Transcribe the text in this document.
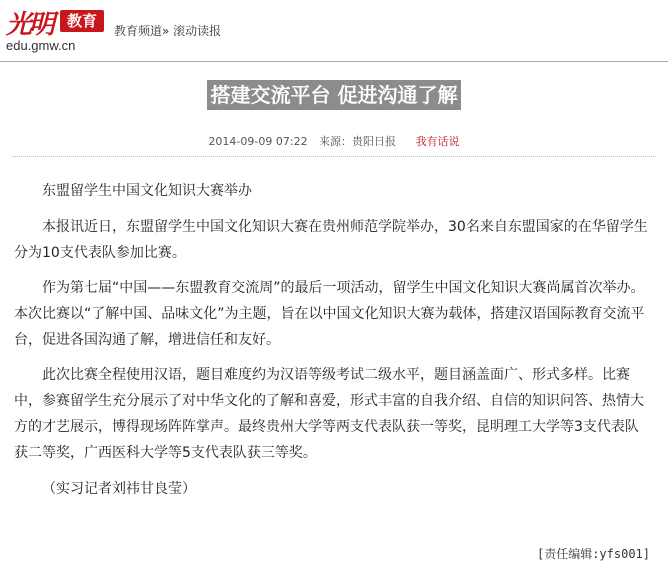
光明 教育
edu.gmw.cn
教育频道» 滚动读报
搭建交流平台 促进沟通了解
2014-09-09 07:22 来源：贵阳日报 我有话说

东盟留学生中国文化知识大赛举办

本报讯近日，东盟留学生中国文化知识大赛在贵州师范学院举办，30名来自东盟国家的在华留学生分为10支代表队参加比赛。

作为第七届“中国——东盟教育交流周”的最后一项活动，留学生中国文化知识大赛尚属首次举办。本次比赛以“了解中国、品味文化”为主题，旨在以中国文化知识大赛为载体，搭建汉语国际教育交流平台，促进各国沟通了解，增进信任和友好。

此次比赛全程使用汉语，题目难度约为汉语等级考试二级水平，题目涵盖面广、形式多样。比赛中，参赛留学生充分展示了对中华文化的了解和喜爱，形式丰富的自我介绍、自信的知识问答、热情大方的才艺展示，博得现场阵阵掌声。最终贵州大学等两支代表队获一等奖，昆明理工大学等3支代表队获二等奖，广西医科大学等5支代表队获三等奖。

（实习记者刘祎甘良莹）

[责任编辑:yfs001]
